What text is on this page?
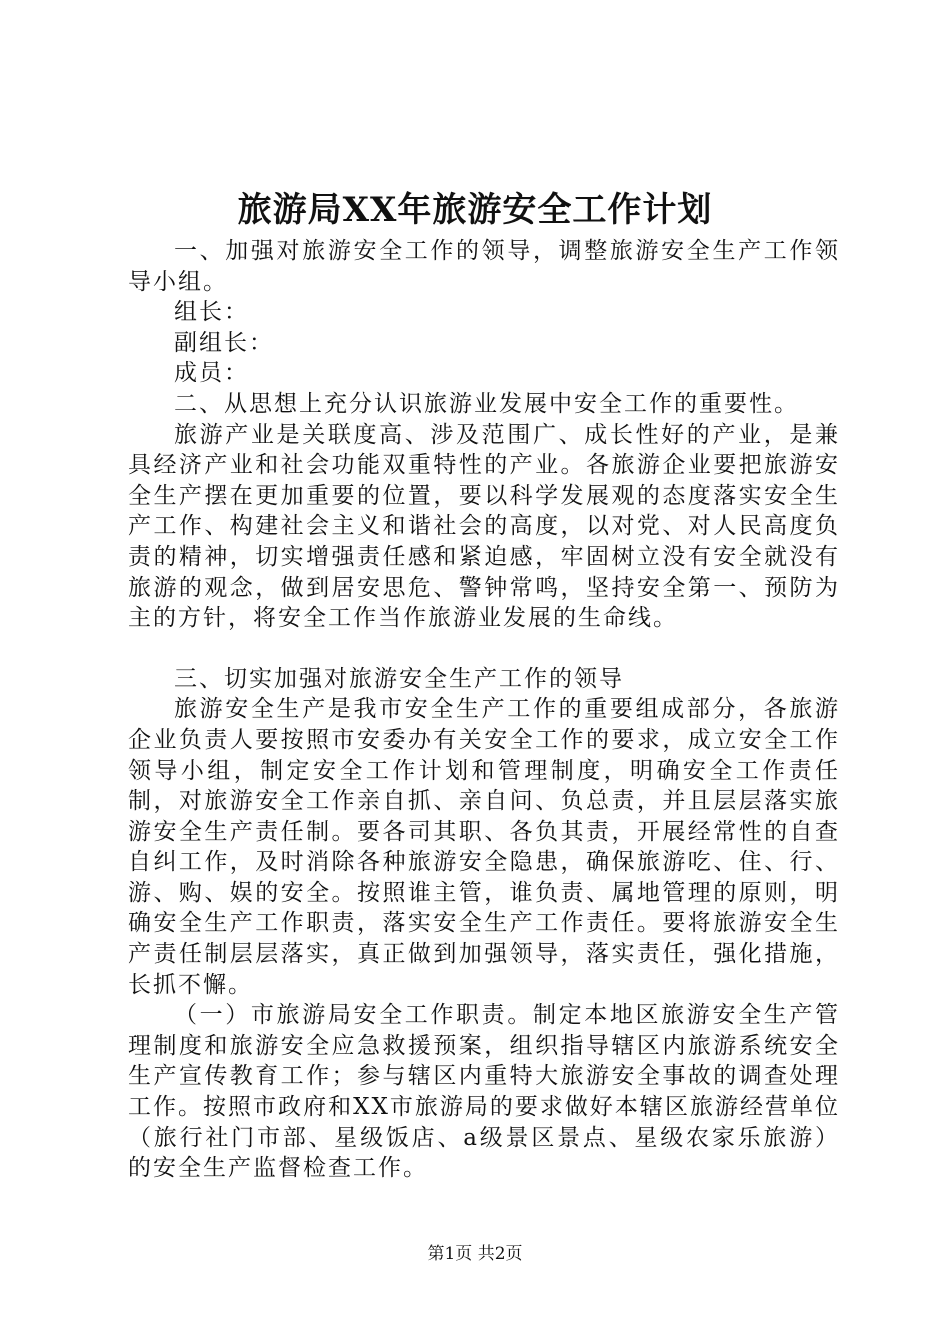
旅游局XX年旅游安全工作计划

一、加强对旅游安全工作的领导，调整旅游安全生产工作领导小组。

组长：

副组长：

成员：

二、从思想上充分认识旅游业发展中安全工作的重要性。

旅游产业是关联度高、涉及范围广、成长性好的产业，是兼具经济产业和社会功能双重特性的产业。各旅游企业要把旅游安全生产摆在更加重要的位置，要以科学发展观的态度落实安全生产工作、构建社会主义和谐社会的高度，以对党、对人民高度负责的精神，切实增强责任感和紧迫感，牢固树立没有安全就没有旅游的观念，做到居安思危、警钟常鸣，坚持安全第一、预防为主的方针，将安全工作当作旅游业发展的生命线。

三、切实加强对旅游安全生产工作的领导

旅游安全生产是我市安全生产工作的重要组成部分，各旅游企业负责人要按照市安委办有关安全工作的要求，成立安全工作领导小组，制定安全工作计划和管理制度，明确安全工作责任制，对旅游安全工作亲自抓、亲自问、负总责，并且层层落实旅游安全生产责任制。要各司其职、各负其责，开展经常性的自查自纠工作，及时消除各种旅游安全隐患，确保旅游吃、住、行、游、购、娱的安全。按照谁主管，谁负责、属地管理的原则，明确安全生产工作职责，落实安全生产工作责任。要将旅游安全生产责任制层层落实，真正做到加强领导，落实责任，强化措施，长抓不懈。

（一）市旅游局安全工作职责。制定本地区旅游安全生产管理制度和旅游安全应急救援预案，组织指导辖区内旅游系统安全生产宣传教育工作；参与辖区内重特大旅游安全事故的调查处理工作。按照市政府和XX市旅游局的要求做好本辖区旅游经营单位（旅行社门市部、星级饭店、a级景区景点、星级农家乐旅游）的安全生产监督检查工作。

第1页 共2页
